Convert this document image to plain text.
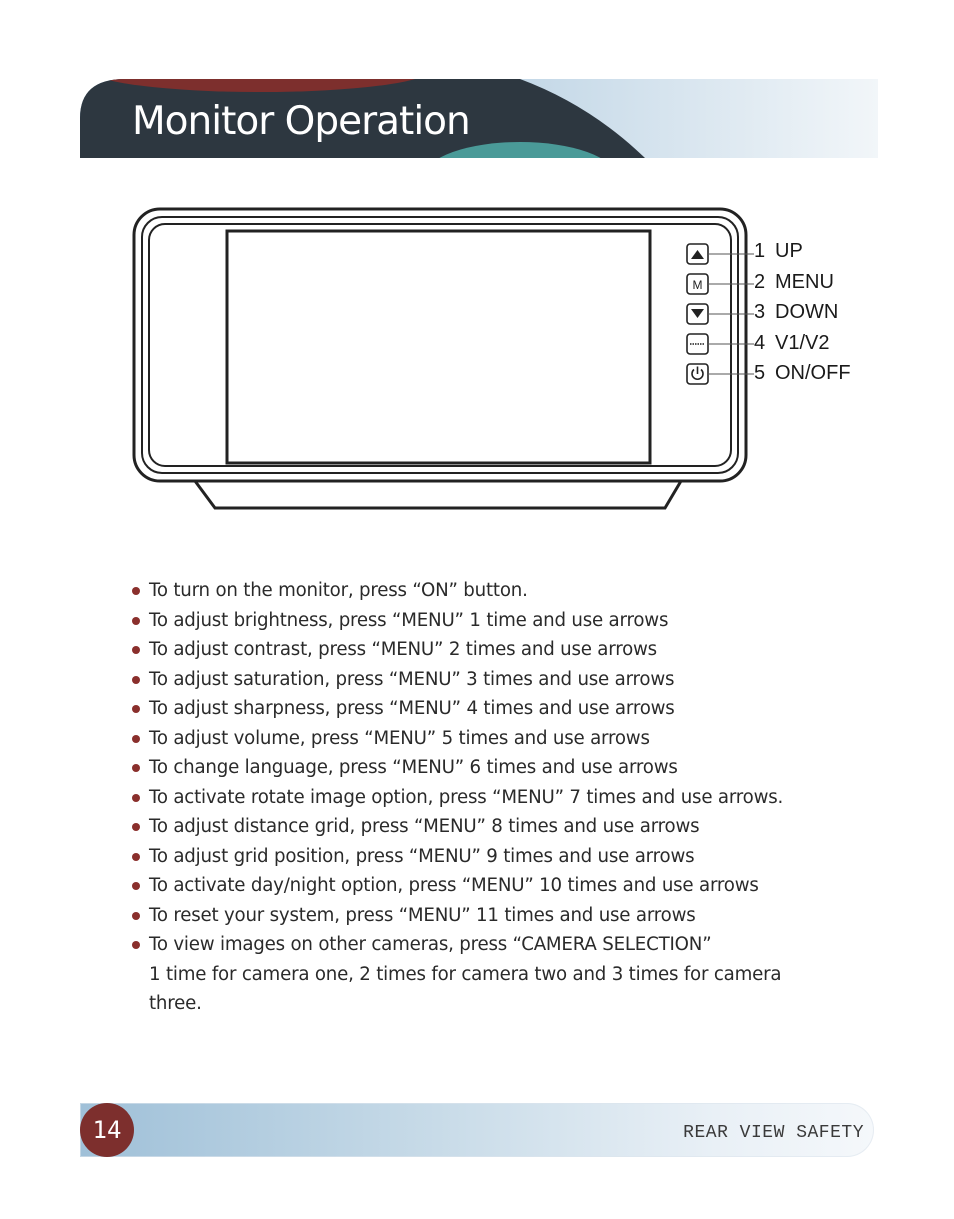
Monitor Operation
M
1 UP
2 MENU
3 DOWN
4 V1/V2
5 ON/OFF
To turn on the monitor, press “ON” button.
To adjust brightness, press “MENU” 1 time and use arrows
To adjust contrast, press “MENU” 2 times and use arrows
To adjust saturation, press “MENU” 3 times and use arrows
To adjust sharpness, press “MENU” 4 times and use arrows
To adjust volume, press “MENU” 5 times and use arrows
To change language, press “MENU” 6 times and use arrows
To activate rotate image option, press “MENU” 7 times and use arrows.
To adjust distance grid, press “MENU” 8 times and use arrows
To adjust grid position, press “MENU” 9 times and use arrows
To activate day/night option, press “MENU” 10 times and use arrows
To reset your system, press “MENU” 11 times and use arrows
To view images on other cameras, press “CAMERA SELECTION”
1 time for camera one, 2 times for camera two and 3 times for camera
three.
14	REAR VIEW SAFETY
